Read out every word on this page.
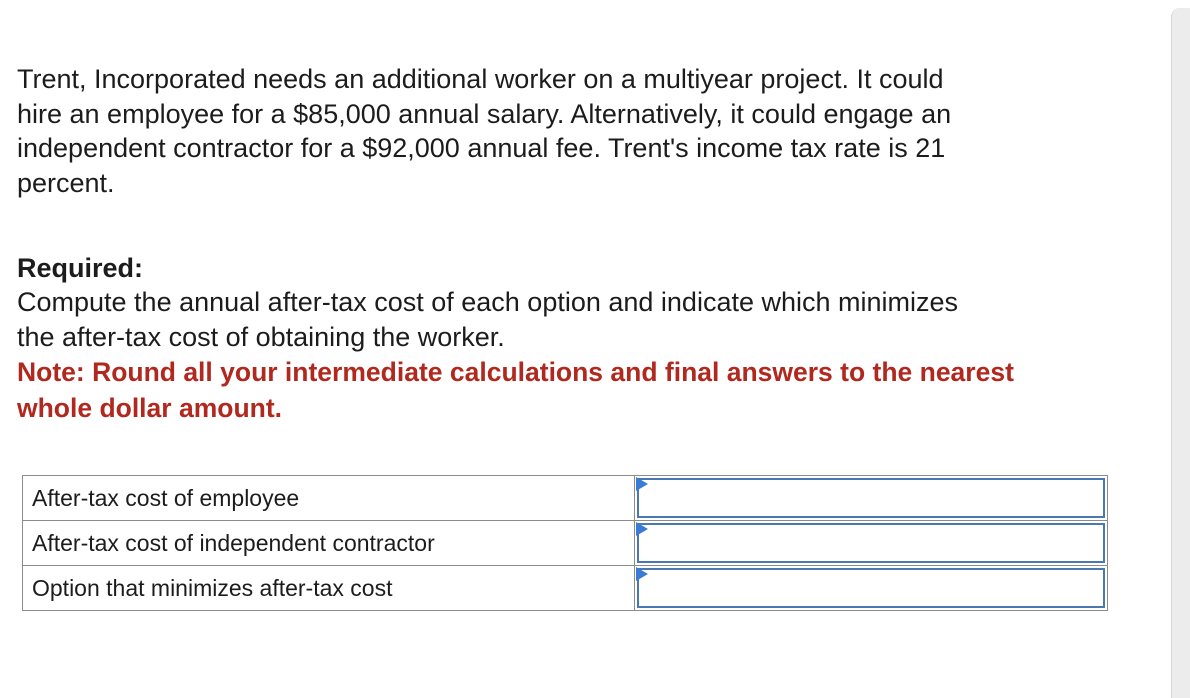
Trent, Incorporated needs an additional worker on a multiyear project. It could
hire an employee for a $85,000 annual salary. Alternatively, it could engage an
independent contractor for a $92,000 annual fee. Trent's income tax rate is 21
percent.

Required:

Compute the annual after-tax cost of each option and indicate which minimizes
the after-tax cost of obtaining the worker.

Note: Round all your intermediate calculations and final answers to the nearest
whole dollar amount.

After-tax cost of employee	

After-tax cost of independent contractor	

Option that minimizes after-tax cost	
